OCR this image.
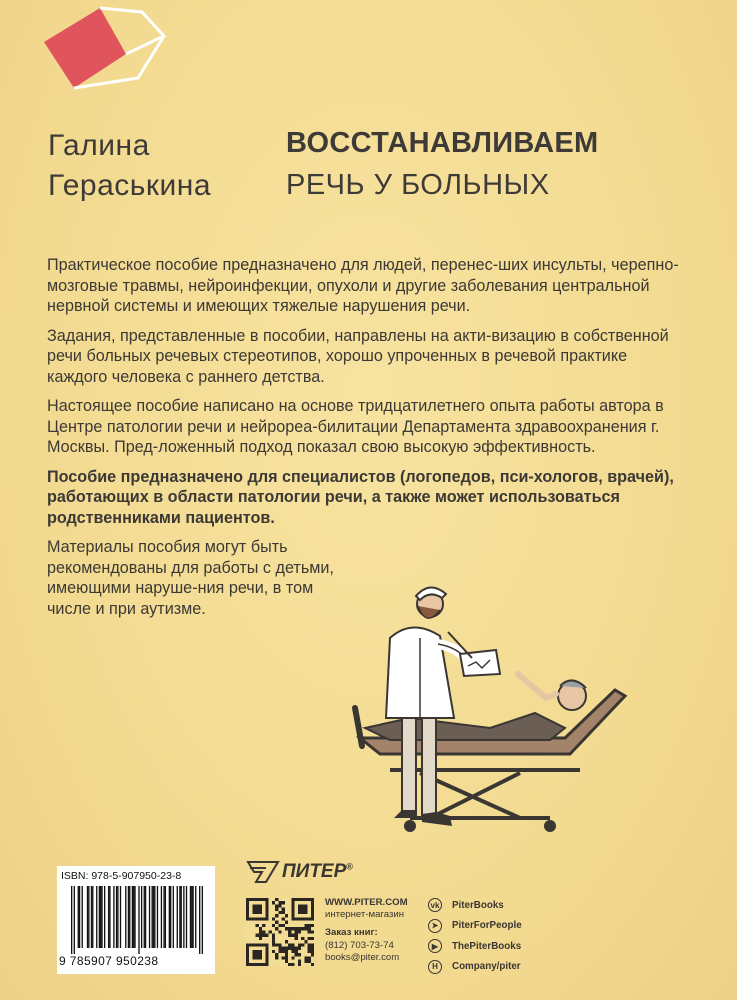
Галина
Гераськина
ВОССТАНАВЛИВАЕМ
РЕЧЬ У БОЛЬНЫХ

Практическое пособие предназначено для людей, перенес-ших инсульты, черепно-мозговые травмы, нейроинфекции, опухоли и другие заболевания центральной нервной системы и имеющих тяжелые нарушения речи.

Задания, представленные в пособии, направлены на акти-визацию в собственной речи больных речевых стереотипов, хорошо упроченных в речевой практике каждого человека с раннего детства.

Настоящее пособие написано на основе тридцатилетнего опыта работы автора в Центре патологии речи и нейрореа-билитации Департамента здравоохранения г. Москвы. Пред-ложенный подход показал свою высокую эффективность.

Пособие предназначено для специалистов (логопедов, пси-хологов, врачей), работающих в области патологии речи, а также может использоваться родственниками пациентов.

Материалы пособия могут быть рекомендованы для работы с детьми, имеющими наруше-ния речи, в том числе и при аутизме.

ISBN: 978-5-907950-23-8
9 785907 950238
ПИТЕР®
WWW.PITER.COM
интернет-магазин
Заказ книг:
(812) 703-73-74
books@piter.com
vk PiterBooks
➤	PiterForPeople
▶	ThePiterBooks
H	Company/piter
